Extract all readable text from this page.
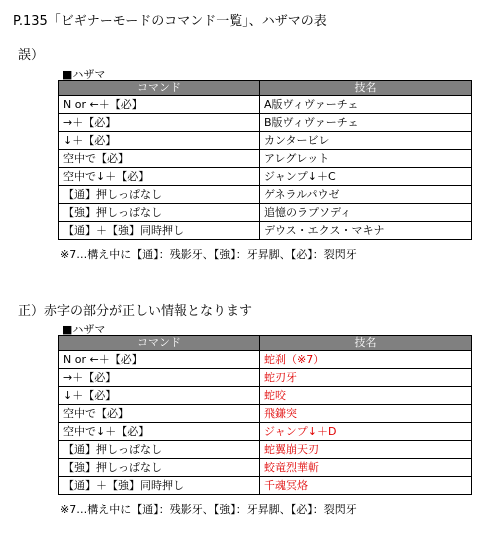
P.135「ビギナーモードのコマンド一覧」、ハザマの表
誤）
■ハザマ
コマンド	技名
N or ←＋【必】	A版ヴィヴァーチェ
→＋【必】	B版ヴィヴァーチェ
↓＋【必】	カンタービレ
空中で【必】	アレグレット
空中で↓＋【必】	ジャンプ↓＋C
【通】押しっぱなし	ゲネラルパウゼ
【強】押しっぱなし	追憶のラプソディ
【通】＋【強】同時押し	デウス・エクス・マキナ
※7…構え中に【通】：残影牙、【強】：牙昇脚、【必】：裂閃牙
正）赤字の部分が正しい情報となります
■ハザマ
コマンド	技名
N or ←＋【必】	蛇刹（※7）
→＋【必】	蛇刃牙
↓＋【必】	蛇咬
空中で【必】	飛鎌突
空中で↓＋【必】	ジャンプ↓＋D
【通】押しっぱなし	蛇翼崩天刃
【強】押しっぱなし	蛟竜烈華斬
【通】＋【強】同時押し	千魂冥烙
※7…構え中に【通】：残影牙、【強】：牙昇脚、【必】：裂閃牙
